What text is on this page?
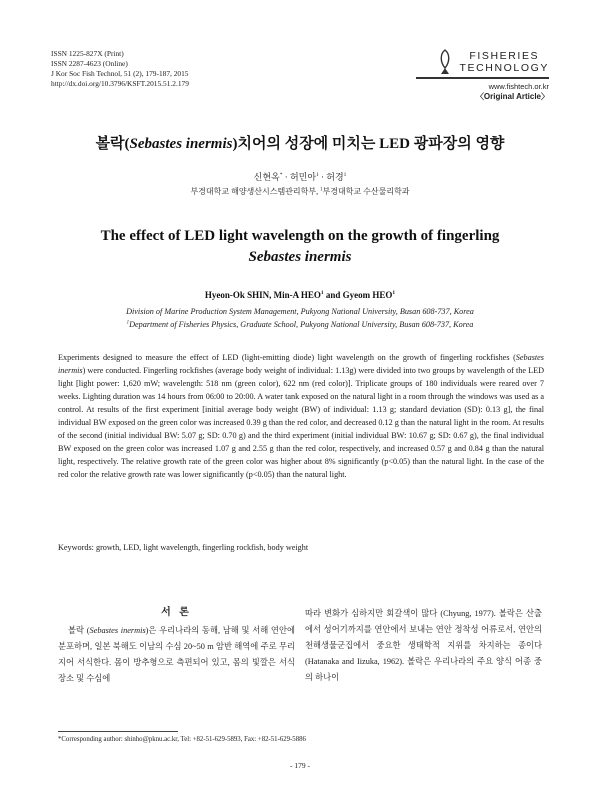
ISSN 1225-827X (Print)
ISSN 2287-4623 (Online)
J Kor Soc Fish Technol, 51 (2), 179-187, 2015
http://dx.doi.org/10.3796/KSFT.2015.51.2.179
FISHERIES
TECHNOLOGY
www.fishtech.or.kr
〈Original Article〉
볼락(Sebastes inermis)치어의 성장에 미치는 LED 광파장의 영향
신현옥* · 허민아$^1$ · 허경$^1$
부경대학교 해양생산시스템관리학부, $^1$부경대학교 수산물리학과
The effect of LED light wavelength on the growth of fingerling
Sebastes inermis
Hyeon-Ok SHIN, Min-A HEO$^1$ and Gyeom HEO$^1$
Division of Marine Production System Management, Pukyong National University, Busan 608-737, Korea
$^1$Department of Fisheries Physics, Graduate School, Pukyong National University, Busan 608-737, Korea
Experiments designed to measure the effect of LED (light-emitting diode) light wavelength on the growth of fingerling rockfishes (Sebastes inermis) were conducted. Fingerling rockfishes (average body weight of individual: 1.13g) were divided into two groups by wavelength of the LED light [light power: 1,620 mW; wavelength: 518 nm (green color), 622 nm (red color)]. Triplicate groups of 180 individuals were reared over 7 weeks. Lighting duration was 14 hours from 06:00 to 20:00. A water tank exposed on the natural light in a room through the windows was used as a control. At results of the first experiment [initial average body weight (BW) of individual: 1.13 g; standard deviation (SD): 0.13 g], the final individual BW exposed on the green color was increased 0.39 g than the red color, and decreased 0.12 g than the natural light in the room. At results of the second (initial individual BW: 5.07 g; SD: 0.70 g) and the third experiment (initial individual BW: 10.67 g; SD: 0.67 g), the final individual BW exposed on the green color was increased 1.07 g and 2.55 g than the red color, respectively, and increased 0.57 g and 0.84 g than the natural light, respectively. The relative growth rate of the green color was higher about 8% significantly (p<0.05) than the natural light. In the case of the red color the relative growth rate was lower significantly (p<0.05) than the natural light.
Keywords: growth, LED, light wavelength, fingerling rockfish, body weight
서 론
볼락 (Sebastes inermis)은 우리나라의 동해, 남해 및 서해 연안에 분포하며, 일본 북해도 이남의 수심 20~50 m 암반 해역에 주로 무리지어 서식한다. 몸이 방추형으로 측편되어 있고, 몸의 빛깔은 서식 장소 및 수심에
따라 변화가 심하지만 회갈색이 많다 (Chyung, 1977). 볼락은 산출에서 성어기까지를 연안에서 보내는 연안 정착성 어류로서, 연안의 천해생물군집에서 중요한 생태학적 지위를 차지하는 종이다 (Hatanaka and Iizuka, 1962). 볼락은 우리나라의 주요 양식 어종 중의 하나이
*Corresponding author: shinho@pknu.ac.kr, Tel: +82-51-629-5893, Fax: +82-51-629-5886
- 179 -
